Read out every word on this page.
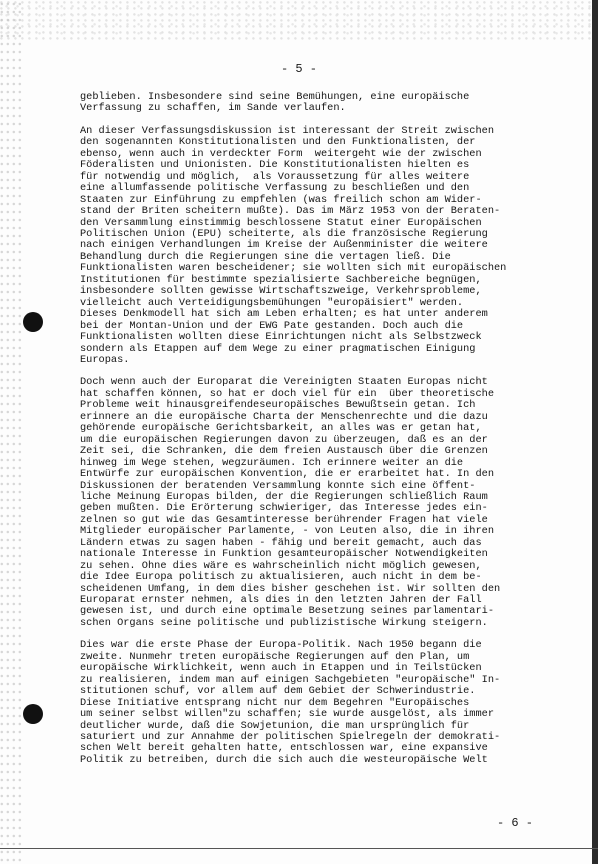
- 5 -
geblieben. Insbesondere sind seine Bemühungen, eine europäische
Verfassung zu schaffen, im Sande verlaufen.
An dieser Verfassungsdiskussion ist interessant der Streit zwischen
den sogenannten Konstitutionalisten und den Funktionalisten, der
ebenso, wenn auch in verdeckter Form  weitergeht wie der zwischen
Föderalisten und Unionisten. Die Konstitutionalisten hielten es
für notwendig und möglich,  als Voraussetzung für alles weitere
eine allumfassende politische Verfassung zu beschließen und den
Staaten zur Einführung zu empfehlen (was freilich schon am Wider-
stand der Briten scheitern mußte). Das im März 1953 von der Beraten-
den Versammlung einstimmig beschlossene Statut einer Europäischen
Politischen Union (EPU) scheiterte, als die französische Regierung
nach einigen Verhandlungen im Kreise der Außenminister die weitere
Behandlung durch die Regierungen sine die vertagen ließ. Die
Funktionalisten waren bescheidener; sie wollten sich mit europäischen
Institutionen für bestimmte spezialisierte Sachbereiche begnügen,
insbesondere sollten gewisse Wirtschaftszweige, Verkehrsprobleme,
vielleicht auch Verteidigungsbemühungen "europäisiert" werden.
Dieses Denkmodell hat sich am Leben erhalten; es hat unter anderem
bei der Montan-Union und der EWG Pate gestanden. Doch auch die
Funktionalisten wollten diese Einrichtungen nicht als Selbstzweck
sondern als Etappen auf dem Wege zu einer pragmatischen Einigung
Europas.
Doch wenn auch der Europarat die Vereinigten Staaten Europas nicht
hat schaffen können, so hat er doch viel für ein  über theoretische
Probleme weit hinausgreifendeseuropäisches Bewußtsein getan. Ich
erinnere an die europäische Charta der Menschenrechte und die dazu
gehörende europäische Gerichtsbarkeit, an alles was er getan hat,
um die europäischen Regierungen davon zu überzeugen, daß es an der
Zeit sei, die Schranken, die dem freien Austausch über die Grenzen
hinweg im Wege stehen, wegzuräumen. Ich erinnere weiter an die
Entwürfe zur europäischen Konvention, die er erarbeitet hat. In den
Diskussionen der beratenden Versammlung konnte sich eine öffent-
liche Meinung Europas bilden, der die Regierungen schließlich Raum
geben mußten. Die Erörterung schwieriger, das Interesse jedes ein-
zelnen so gut wie das Gesamtinteresse berührender Fragen hat viele
Mitglieder europäischer Parlamente, - von Leuten also, die in ihren
Ländern etwas zu sagen haben - fähig und bereit gemacht, auch das
nationale Interesse in Funktion gesamteuropäischer Notwendigkeiten
zu sehen. Ohne dies wäre es wahrscheinlich nicht möglich gewesen,
die Idee Europa politisch zu aktualisieren, auch nicht in dem be-
scheidenen Umfang, in dem dies bisher geschehen ist. Wir sollten den
Europarat ernster nehmen, als dies in den letzten Jahren der Fall
gewesen ist, und durch eine optimale Besetzung seines parlamentari-
schen Organs seine politische und publizistische Wirkung steigern.
Dies war die erste Phase der Europa-Politik. Nach 1950 begann die
zweite. Nunmehr treten europäische Regierungen auf den Plan, um
europäische Wirklichkeit, wenn auch in Etappen und in Teilstücken
zu realisieren, indem man auf einigen Sachgebieten "europäische" In-
stitutionen schuf, vor allem auf dem Gebiet der Schwerindustrie.
Diese Initiative entsprang nicht nur dem Begehren "Europäisches
um seiner selbst willen"zu schaffen; sie wurde ausgelöst, als immer
deutlicher wurde, daß die Sowjetunion, die man ursprünglich für
saturiert und zur Annahme der politischen Spielregeln der demokrati-
schen Welt bereit gehalten hatte, entschlossen war, eine expansive
Politik zu betreiben, durch die sich auch die westeuropäische Welt
- 6 -
